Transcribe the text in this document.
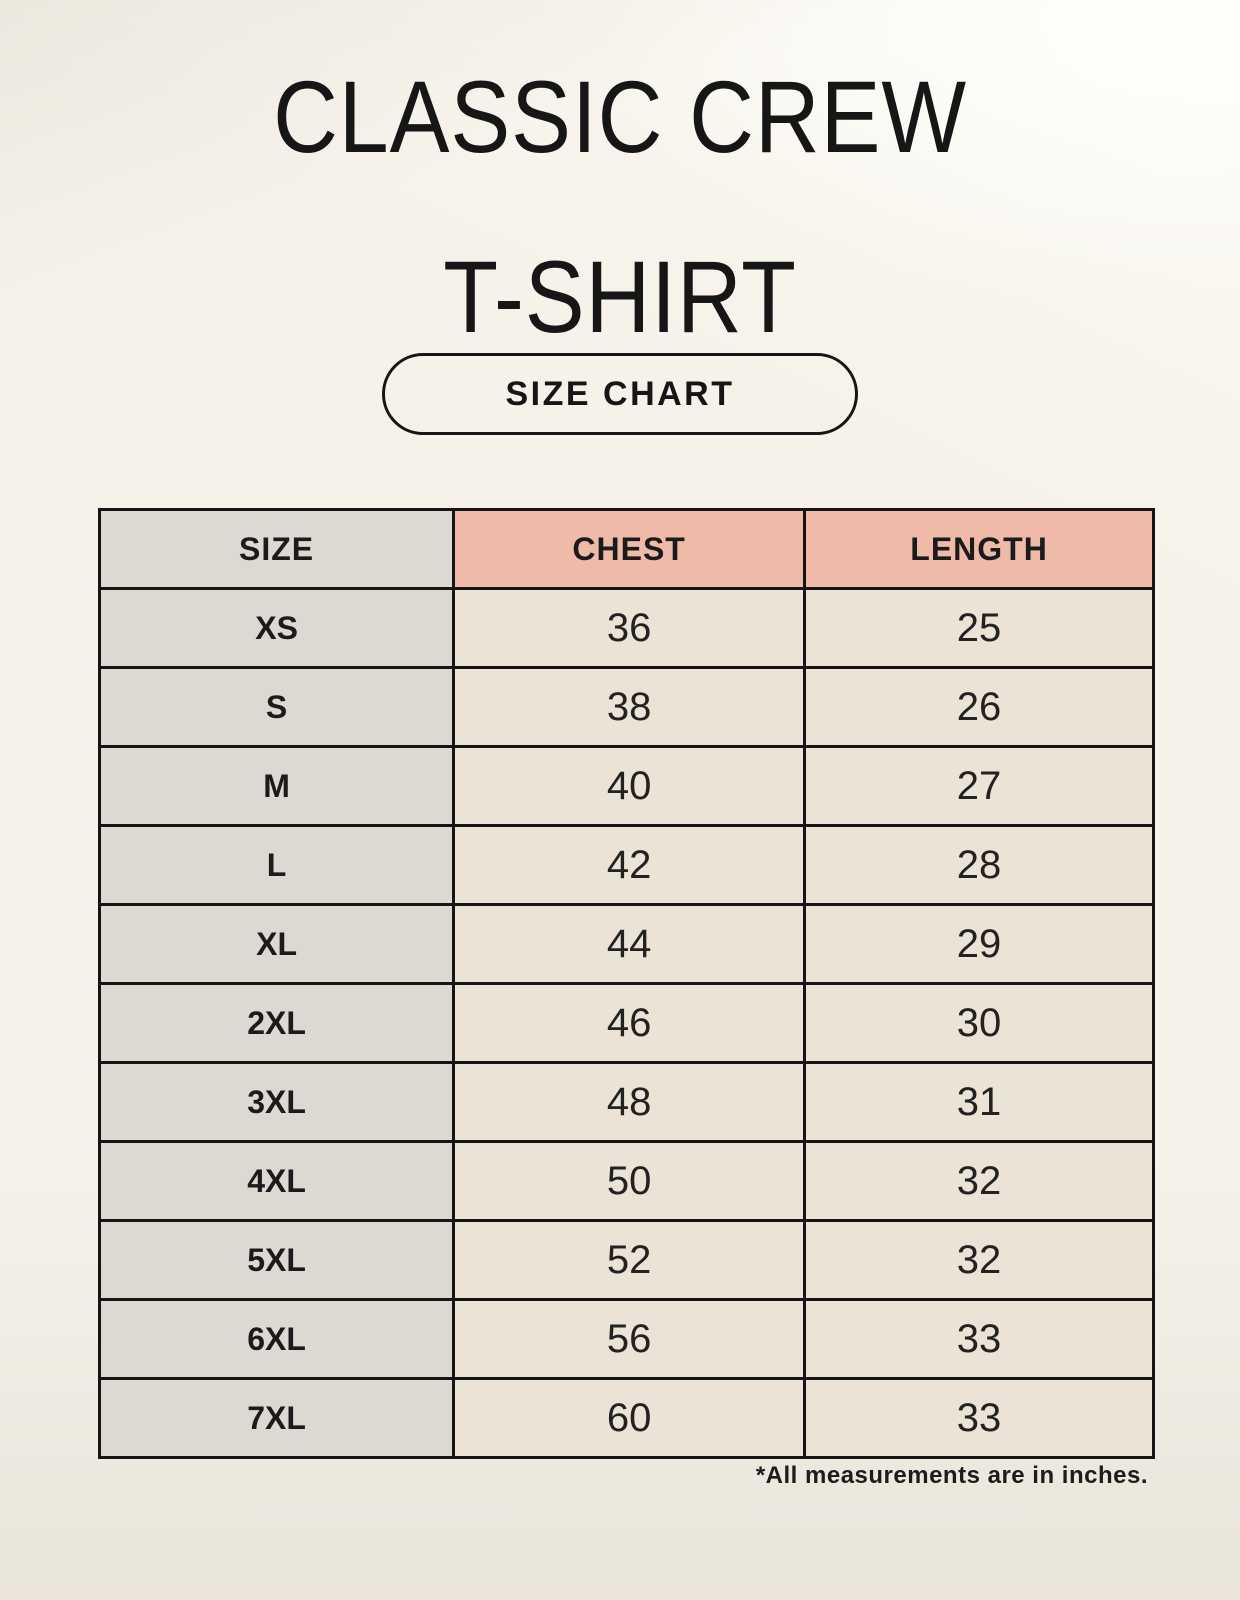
CLASSIC CREW

T-SHIRT
SIZE CHART
SIZE	CHEST	LENGTH
XS	36	25
S	38	26
M	40	27
L	42	28
XL	44	29
2XL	46	30
3XL	48	31
4XL	50	32
5XL	52	32
6XL	56	33
7XL	60	33
*All measurements are in inches.
